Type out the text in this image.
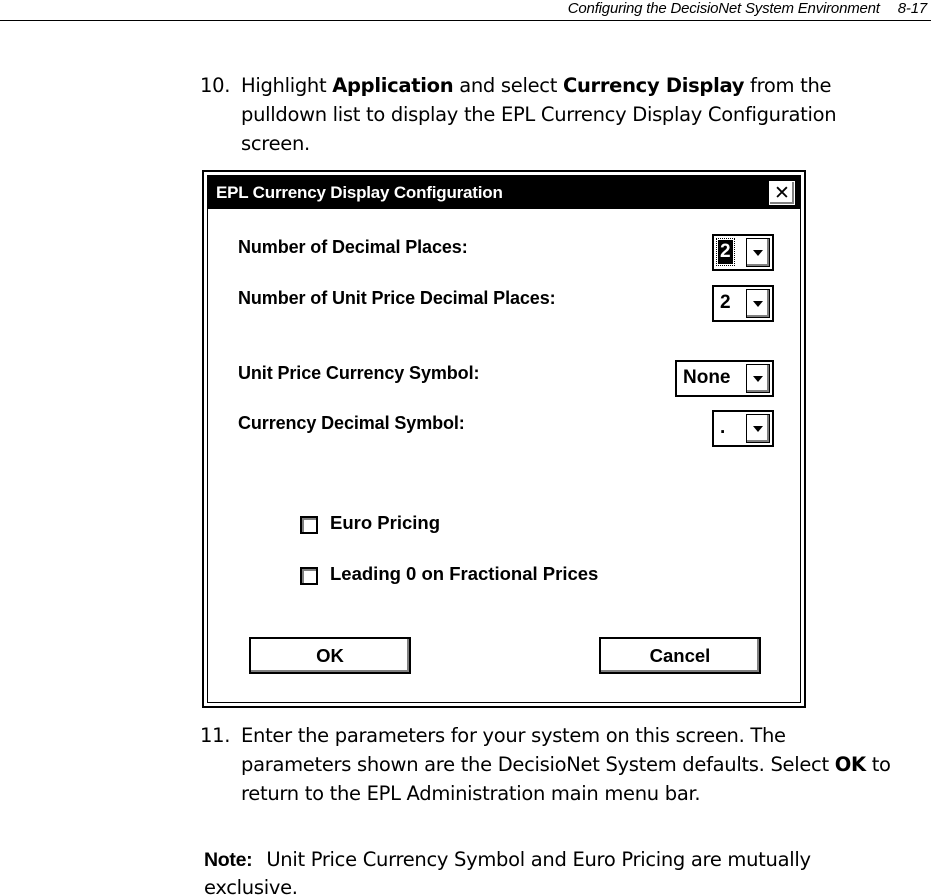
Configuring the DecisioNet System Environment 8-17
10. Highlight Application and select Currency Display from the
pulldown list to display the EPL Currency Display Configuration
screen.
EPL Currency Display Configuration	✕
Number of Decimal Places:	2
Number of Unit Price Decimal Places:	2
Unit Price Currency Symbol:	None
Currency Decimal Symbol:	.
Euro Pricing
Leading 0 on Fractional Prices
OK	Cancel
11. Enter the parameters for your system on this screen. The
parameters shown are the DecisioNet System defaults. Select OK to
return to the EPL Administration main menu bar.
Note: Unit Price Currency Symbol and Euro Pricing are mutually
exclusive.
